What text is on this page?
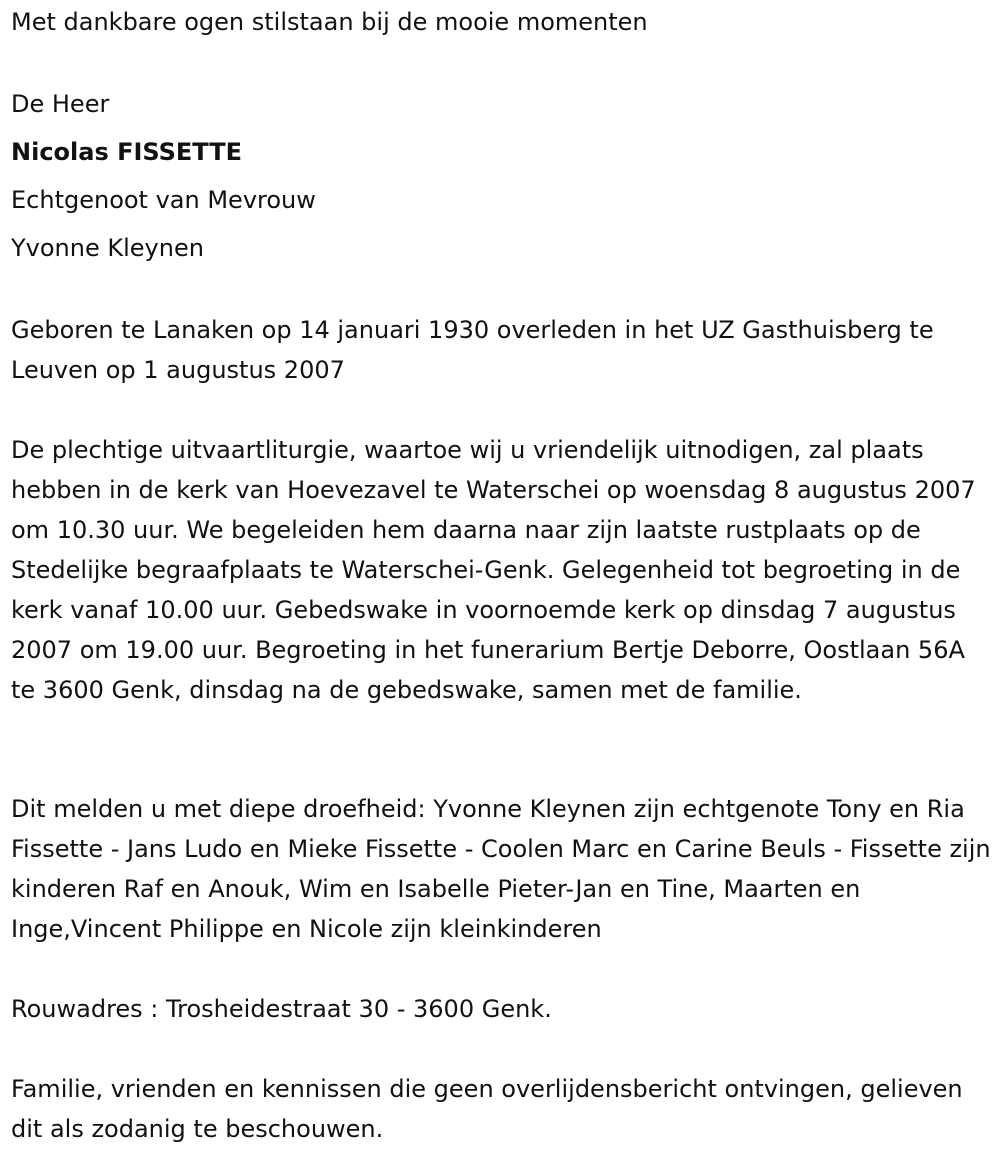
Met dankbare ogen stilstaan bij de mooie momenten
De Heer
Nicolas FISSETTE
Echtgenoot van Mevrouw
Yvonne Kleynen

Geboren te Lanaken op 14 januari 1930 overleden in het UZ Gasthuisberg te Leuven op 1 augustus 2007

De plechtige uitvaartliturgie, waartoe wij u vriendelijk uitnodigen, zal plaats hebben in de kerk van Hoevezavel te Waterschei op woensdag 8 augustus 2007 om 10.30 uur. We begeleiden hem daarna naar zijn laatste rustplaats op de Stedelijke begraafplaats te Waterschei-Genk. Gelegenheid tot begroeting in de kerk vanaf 10.00 uur. Gebedswake in voornoemde kerk op dinsdag 7 augustus 2007 om 19.00 uur. Begroeting in het funerarium Bertje Deborre, Oostlaan 56A te 3600 Genk, dinsdag na de gebedswake, samen met de familie.

Dit melden u met diepe droefheid: Yvonne Kleynen zijn echtgenote Tony en Ria Fissette - Jans Ludo en Mieke Fissette - Coolen Marc en Carine Beuls - Fissette zijn kinderen Raf en Anouk, Wim en Isabelle Pieter-Jan en Tine, Maarten en Inge,Vincent Philippe en Nicole zijn kleinkinderen

Rouwadres : Trosheidestraat 30 - 3600 Genk.

Familie, vrienden en kennissen die geen overlijdensbericht ontvingen, gelieven dit als zodanig te beschouwen.
